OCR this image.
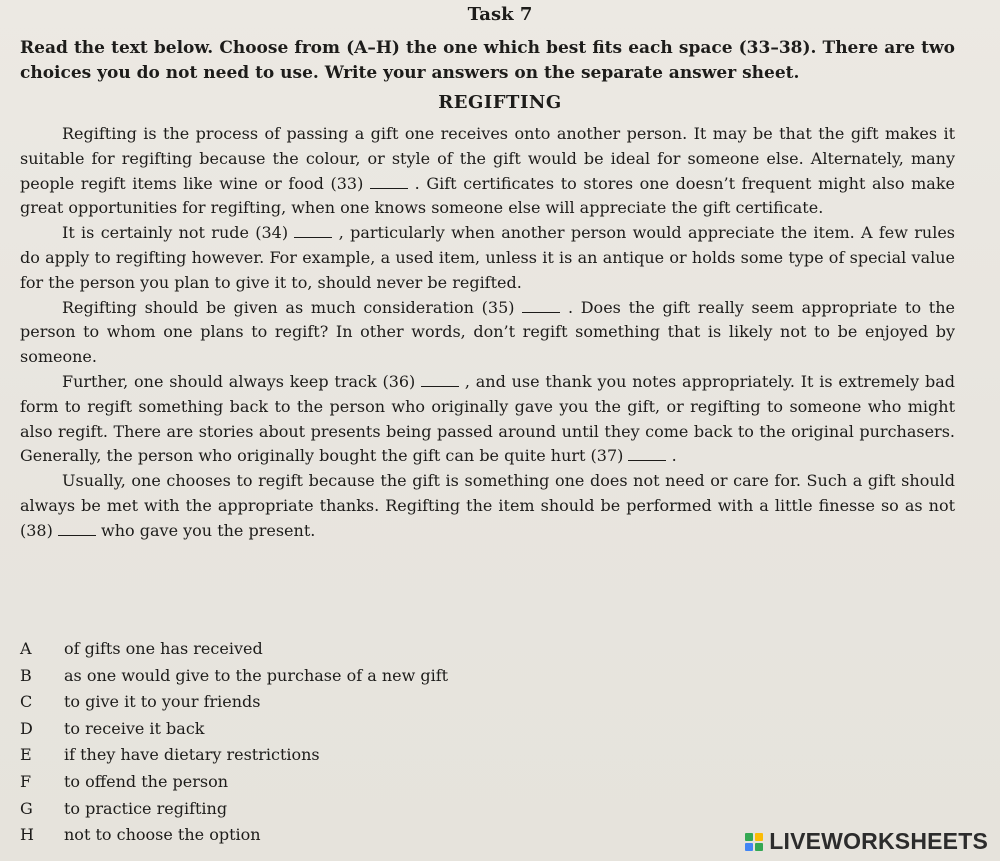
Task 7
Read the text below. Choose from (A–H) the one which best fits each space (33–38). There are two choices you do not need to use. Write your answers on the separate answer sheet.
REGIFTING

Regifting is the process of passing a gift one receives onto another person. It may be that the gift makes it suitable for regifting because the colour, or style of the gift would be ideal for someone else. Alternately, many people regift items like wine or food (33)	. Gift certificates to stores one doesn’t frequent might also make great opportunities for regifting, when one knows someone else will appreciate the gift certificate.

It is certainly not rude (34)	, particularly when another person would appreciate the item. A few rules do apply to regifting however. For example, a used item, unless it is an antique or holds some type of special value for the person you plan to give it to, should never be regifted.

Regifting should be given as much consideration (35)	. Does the gift really seem appropriate to the person to whom one plans to regift? In other words, don’t regift something that is likely not to be enjoyed by someone.

Further, one should always keep track (36)	, and use thank you notes appropriately. It is extremely bad form to regift something back to the person who originally gave you the gift, or regifting to someone who might also regift. There are stories about presents being passed around until they come back to the original purchasers. Generally, the person who originally bought the gift can be quite hurt (37)	.

Usually, one chooses to regift because the gift is something one does not need or care for. Such a gift should always be met with the appropriate thanks. Regifting the item should be performed with a little finesse so as not (38)	who gave you the present.

A of gifts one has received
B as one would give to the purchase of a new gift
C to give it to your friends
D to receive it back
E if they have dietary restrictions
F to offend the person
G to practice regifting
H not to choose the option	LIVEWORKSHEETS
